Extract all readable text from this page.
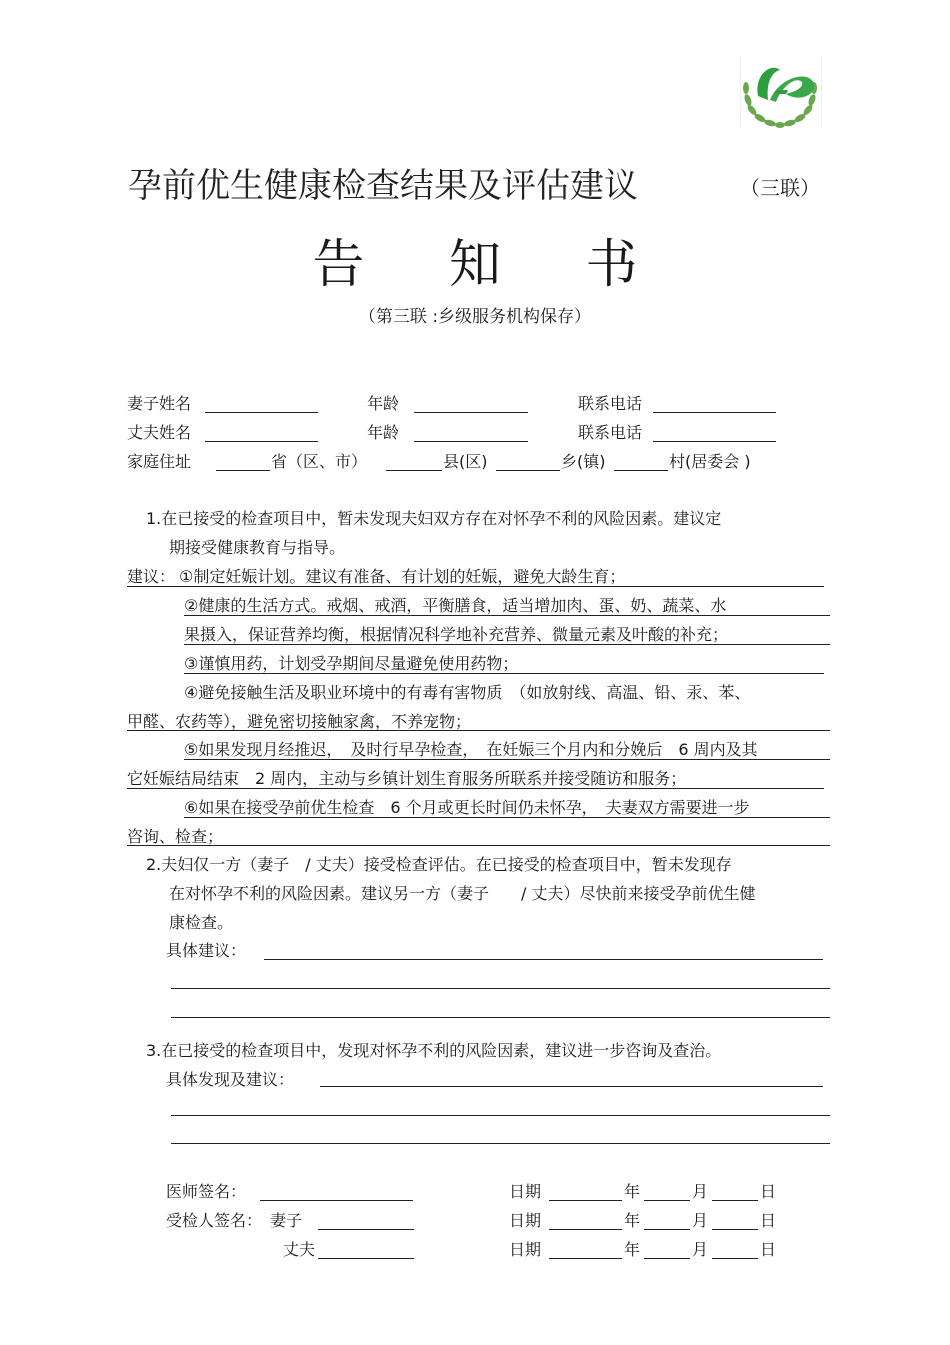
孕前优生健康检查结果及评估建议	（三联）
告 知 书
（第三联 :乡级服务机构保存）
妻子姓名	年龄	联系电话
丈夫姓名	年龄	联系电话
家庭住址	省（区、市）	县(区)	乡(镇)	村(居委会 )
1.在已接受的检查项目中，暂未发现夫妇双方存在对怀孕不利的风险因素。建议定
期接受健康教育与指导。
建议： ①制定妊娠计划。建议有准备、有计划的妊娠，避免大龄生育；
②健康的生活方式。戒烟、戒酒，平衡膳食，适当增加肉、蛋、奶、蔬菜、水
果摄入，保证营养均衡，根据情况科学地补充营养、微量元素及叶酸的补充；
③谨慎用药，计划受孕期间尽量避免使用药物；
④避免接触生活及职业环境中的有毒有害物质　（如放射线、高温、铅、汞、苯、
甲醛、农药等），避免密切接触家禽，不养宠物；
⑤如果发现月经推迟，　及时行早孕检查，　在妊娠三个月内和分娩后　6 周内及其
它妊娠结局结束　2 周内，主动与乡镇计划生育服务所联系并接受随访和服务；
⑥如果在接受孕前优生检查　6 个月或更长时间仍未怀孕，　夫妻双方需要进一步
咨询、检查；
2.夫妇仅一方（妻子　/ 丈夫）接受检查评估。在已接受的检查项目中，暂未发现存
在对怀孕不利的风险因素。建议另一方（妻子　　/ 丈夫）尽快前来接受孕前优生健
康检查。
具体建议：
3.在已接受的检查项目中，发现对怀孕不利的风险因素，建议进一步咨询及查治。
具体发现及建议：
医师签名：	日期	年	月	日
受检人签名： 妻子	日期	年	月	日
丈夫	日期	年	月	日
